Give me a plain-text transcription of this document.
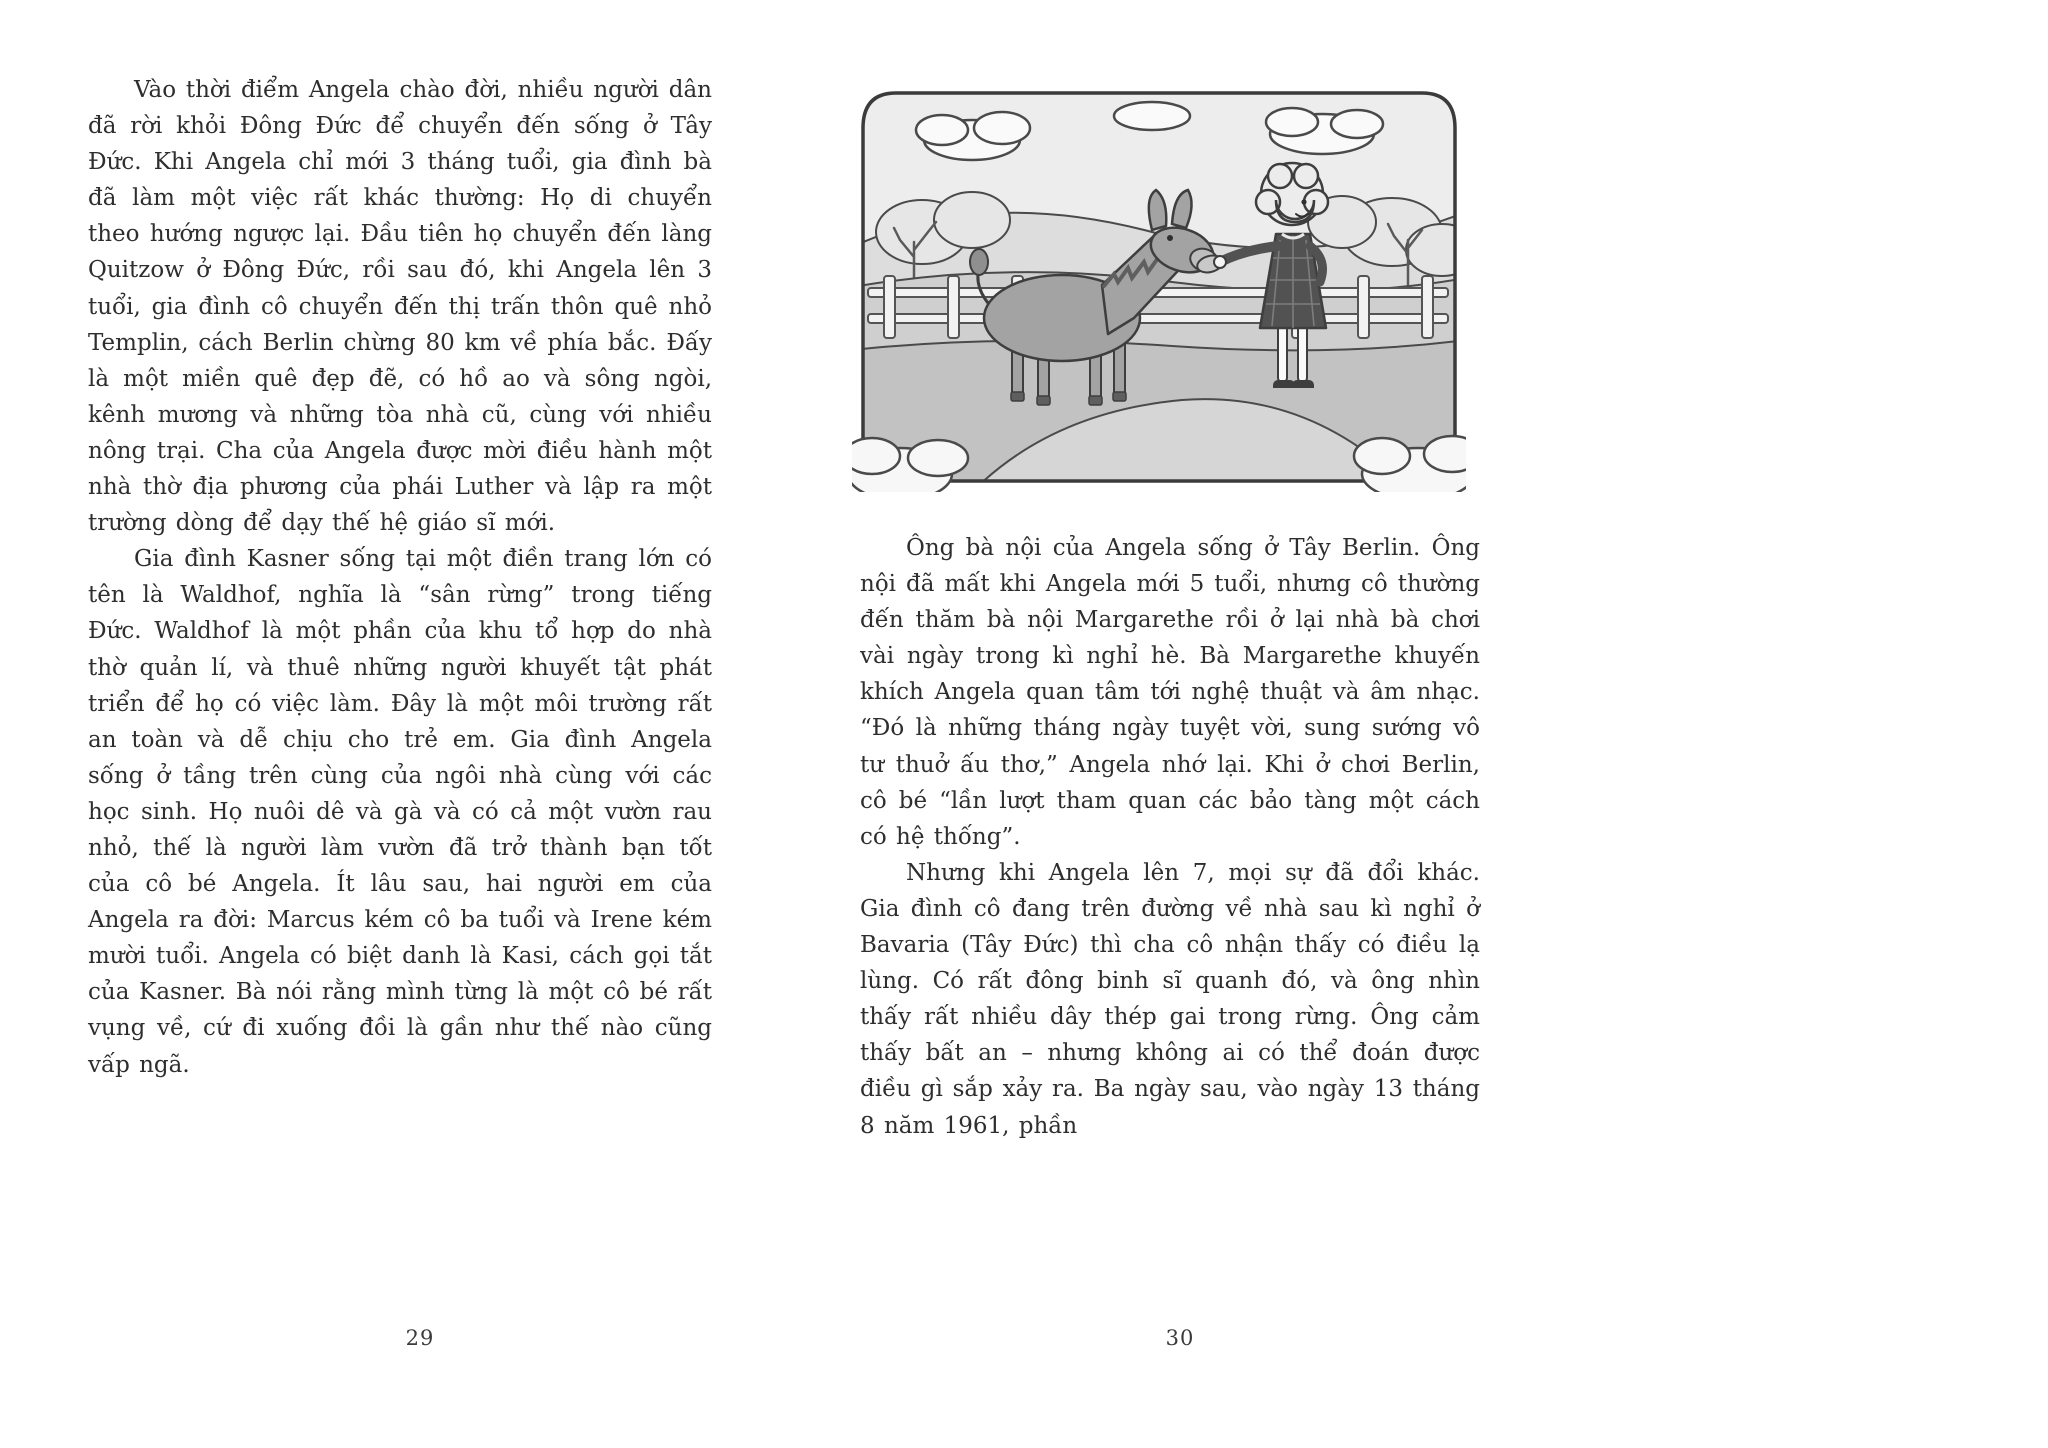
Vào thời điểm Angela chào đời, nhiều người dân đã rời khỏi Đông Đức để chuyển đến sống ở Tây Đức. Khi Angela chỉ mới 3 tháng tuổi, gia đình bà đã làm một việc rất khác thường: Họ di chuyển theo hướng ngược lại. Đầu tiên họ chuyển đến làng Quitzow ở Đông Đức, rồi sau đó, khi Angela lên 3 tuổi, gia đình cô chuyển đến thị trấn thôn quê nhỏ Templin, cách Berlin chừng 80 km về phía bắc. Đấy là một miền quê đẹp đẽ, có hồ ao và sông ngòi, kênh mương và những tòa nhà cũ, cùng với nhiều nông trại. Cha của Angela được mời điều hành một nhà thờ địa phương của phái Luther và lập ra một trường dòng để dạy thế hệ giáo sĩ mới.

Gia đình Kasner sống tại một điền trang lớn có tên là Waldhof, nghĩa là “sân rừng” trong tiếng Đức. Waldhof là một phần của khu tổ hợp do nhà thờ quản lí, và thuê những người khuyết tật phát triển để họ có việc làm. Đây là một môi trường rất an toàn và dễ chịu cho trẻ em. Gia đình Angela sống ở tầng trên cùng của ngôi nhà cùng với các học sinh. Họ nuôi dê và gà và có cả một vườn rau nhỏ, thế là người làm vườn đã trở thành bạn tốt của cô bé Angela. Ít lâu sau, hai người em của Angela ra đời: Marcus kém cô ba tuổi và Irene kém mười tuổi. Angela có biệt danh là Kasi, cách gọi tắt của Kasner. Bà nói rằng mình từng là một cô bé rất vụng về, cứ đi xuống đồi là gần như thế nào cũng vấp ngã.

Ông bà nội của Angela sống ở Tây Berlin. Ông nội đã mất khi Angela mới 5 tuổi, nhưng cô thường đến thăm bà nội Margarethe rồi ở lại nhà bà chơi vài ngày trong kì nghỉ hè. Bà Margarethe khuyến khích Angela quan tâm tới nghệ thuật và âm nhạc. “Đó là những tháng ngày tuyệt vời, sung sướng vô tư thuở ấu thơ,” Angela nhớ lại. Khi ở chơi Berlin, cô bé “lần lượt tham quan các bảo tàng một cách có hệ thống”.

Nhưng khi Angela lên 7, mọi sự đã đổi khác. Gia đình cô đang trên đường về nhà sau kì nghỉ ở Bavaria (Tây Đức) thì cha cô nhận thấy có điều lạ lùng. Có rất đông binh sĩ quanh đó, và ông nhìn thấy rất nhiều dây thép gai trong rừng. Ông cảm thấy bất an – nhưng không ai có thể đoán được điều gì sắp xảy ra. Ba ngày sau, vào ngày 13 tháng 8 năm 1961, phần

29	30
